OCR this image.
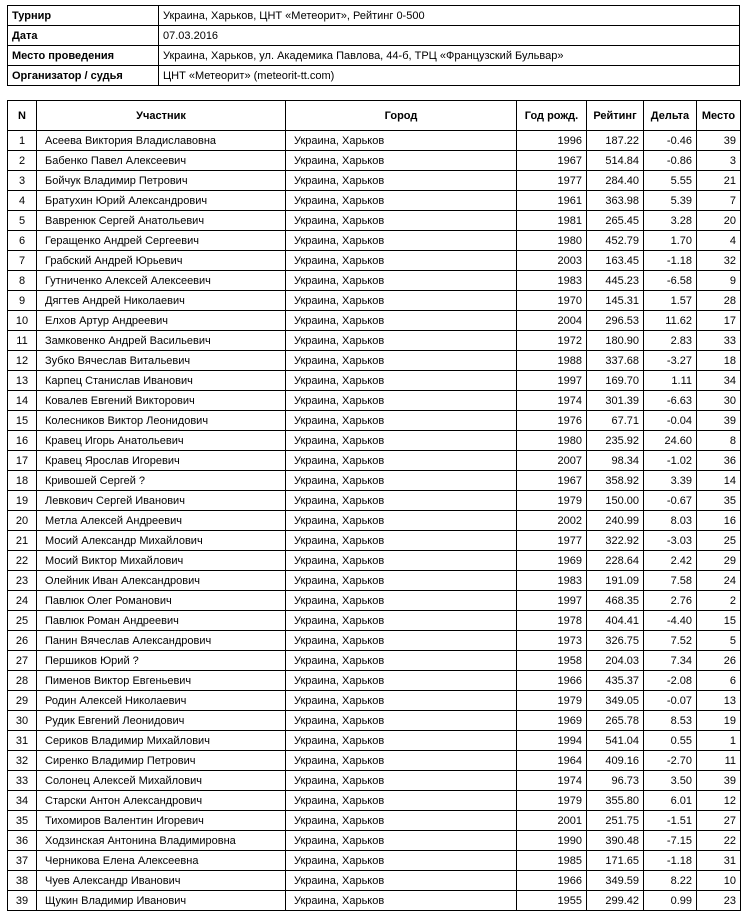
Турнир	Украина, Харьков, ЦНТ «Метеорит», Рейтинг 0-500
Дата	07.03.2016
Место проведения	Украина, Харьков, ул. Академика Павлова, 44-б, ТРЦ «Французский Бульвар»
Организатор / судья	ЦНТ «Метеорит» (meteorit-tt.com)
N	Участник	Город	Год рожд.	Рейтинг	Дельта	Место
1	Асеева Виктория Владиславовна	Украина, Харьков	1996	187.22	-0.46	39
2	Бабенко Павел Алексеевич	Украина, Харьков	1967	514.84	-0.86	3
3	Бойчук Владимир Петрович	Украина, Харьков	1977	284.40	5.55	21
4	Братухин Юрий Александрович	Украина, Харьков	1961	363.98	5.39	7
5	Вавренюк Сергей Анатольевич	Украина, Харьков	1981	265.45	3.28	20
6	Геращенко Андрей Сергеевич	Украина, Харьков	1980	452.79	1.70	4
7	Грабский Андрей Юрьевич	Украина, Харьков	2003	163.45	-1.18	32
8	Гутниченко Алексей Алексеевич	Украина, Харьков	1983	445.23	-6.58	9
9	Дягтев Андрей Николаевич	Украина, Харьков	1970	145.31	1.57	28
10	Елхов Артур Андреевич	Украина, Харьков	2004	296.53	11.62	17
11	Замковенко Андрей Васильевич	Украина, Харьков	1972	180.90	2.83	33
12	Зубко Вячеслав Витальевич	Украина, Харьков	1988	337.68	-3.27	18
13	Карпец Станислав Иванович	Украина, Харьков	1997	169.70	1.11	34
14	Ковалев Евгений Викторович	Украина, Харьков	1974	301.39	-6.63	30
15	Колесников Виктор Леонидович	Украина, Харьков	1976	67.71	-0.04	39
16	Кравец Игорь Анатольевич	Украина, Харьков	1980	235.92	24.60	8
17	Кравец Ярослав Игоревич	Украина, Харьков	2007	98.34	-1.02	36
18	Кривошей Сергей ?	Украина, Харьков	1967	358.92	3.39	14
19	Левкович Сергей Иванович	Украина, Харьков	1979	150.00	-0.67	35
20	Метла Алексей Андреевич	Украина, Харьков	2002	240.99	8.03	16
21	Мосий Александр Михайлович	Украина, Харьков	1977	322.92	-3.03	25
22	Мосий Виктор Михайлович	Украина, Харьков	1969	228.64	2.42	29
23	Олейник Иван Александрович	Украина, Харьков	1983	191.09	7.58	24
24	Павлюк Олег Романович	Украина, Харьков	1997	468.35	2.76	2
25	Павлюк Роман Андреевич	Украина, Харьков	1978	404.41	-4.40	15
26	Панин Вячеслав Александрович	Украина, Харьков	1973	326.75	7.52	5
27	Першиков Юрий ?	Украина, Харьков	1958	204.03	7.34	26
28	Пименов Виктор Евгеньевич	Украина, Харьков	1966	435.37	-2.08	6
29	Родин Алексей Николаевич	Украина, Харьков	1979	349.05	-0.07	13
30	Рудик Евгений Леонидович	Украина, Харьков	1969	265.78	8.53	19
31	Сериков Владимир Михайлович	Украина, Харьков	1994	541.04	0.55	1
32	Сиренко Владимир Петрович	Украина, Харьков	1964	409.16	-2.70	11
33	Солонец Алексей Михайлович	Украина, Харьков	1974	96.73	3.50	39
34	Старски Антон Александрович	Украина, Харьков	1979	355.80	6.01	12
35	Тихомиров Валентин Игоревич	Украина, Харьков	2001	251.75	-1.51	27
36	Ходзинская Антонина Владимировна	Украина, Харьков	1990	390.48	-7.15	22
37	Черникова Елена Алексеевна	Украина, Харьков	1985	171.65	-1.18	31
38	Чуев Александр Иванович	Украина, Харьков	1966	349.59	8.22	10
39	Щукин Владимир Иванович	Украина, Харьков	1955	299.42	0.99	23
